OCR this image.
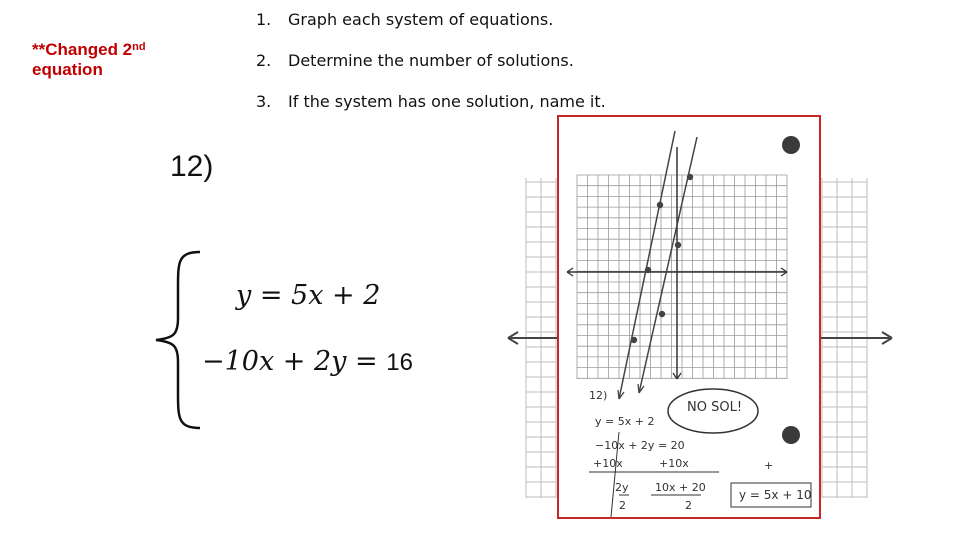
**Changed 2nd
equation
1. Graph each system of equations.
2. Determine the number of solutions.
3. If the system has one solution, name it.
12)
y = 5x + 2
−10x + 2y = 16
12)
y = 5x + 2
−10x + 2y = 20
+10x	+10x	+
2y 10x + 20
2	2
y = 5x + 10
NO SOL!
